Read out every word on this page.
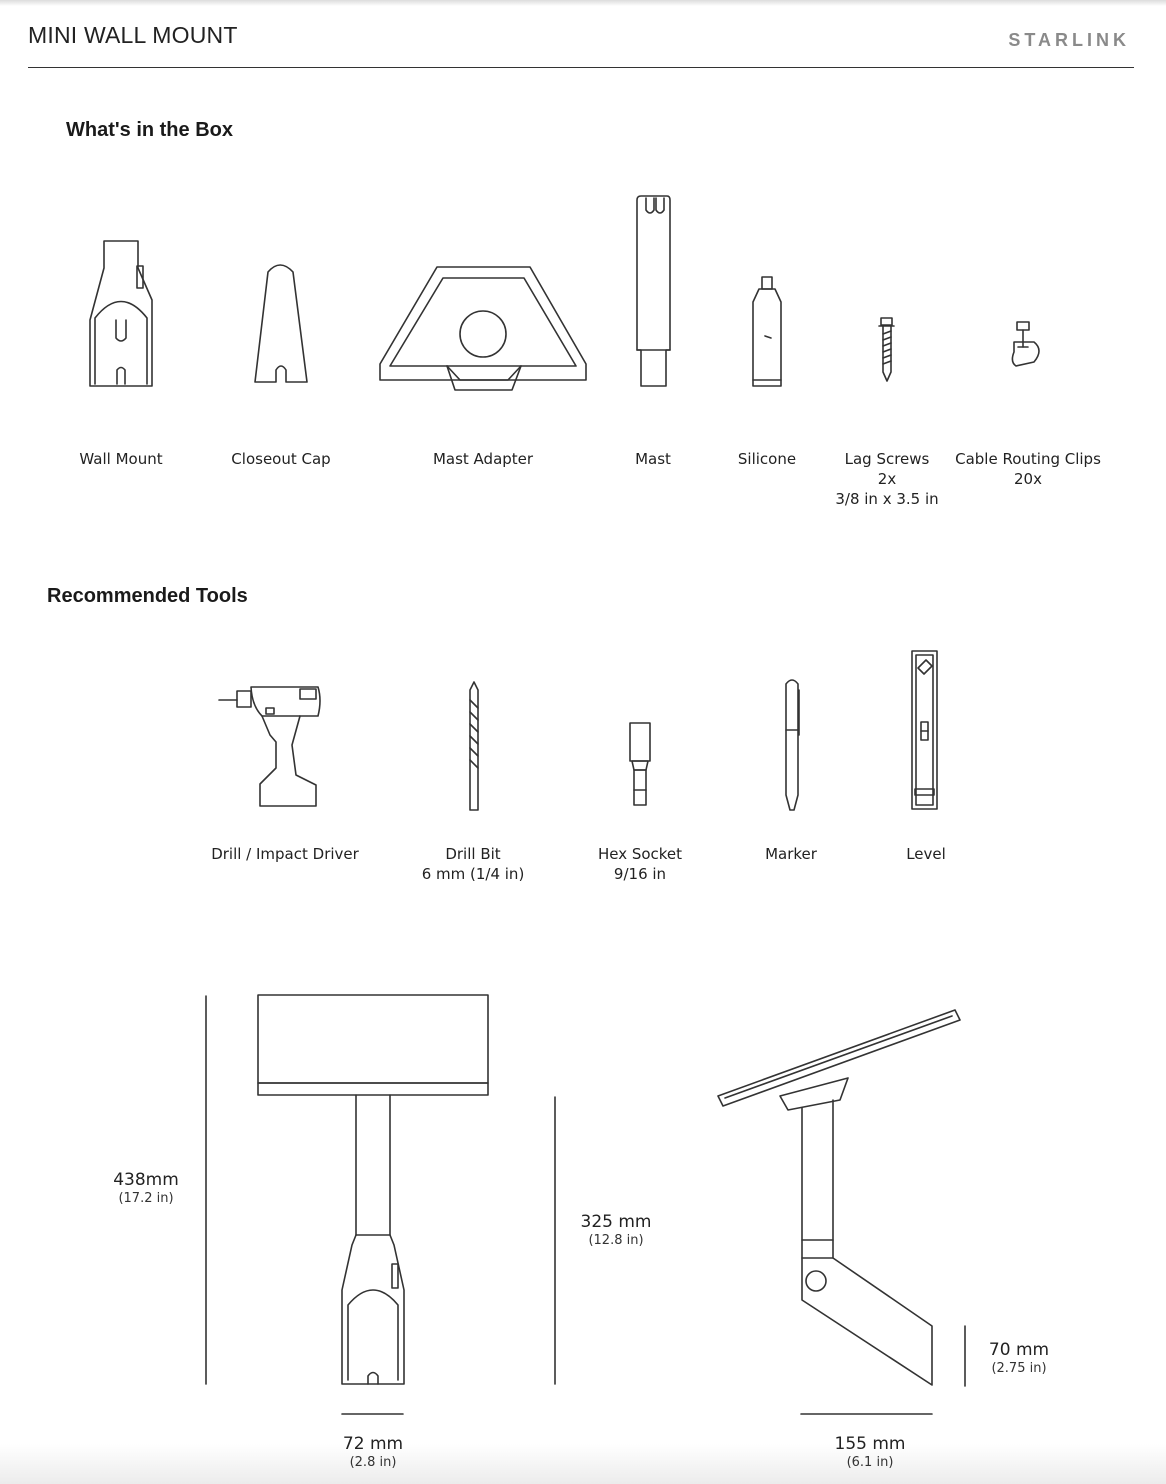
MINI WALL MOUNT	STARLINK
What's in the Box
Recommended Tools
Wall Mount	Closeout Cap	Mast Adapter	Mast	Silicone	Lag Screws
2x
3/8 in x 3.5 in
Cable Routing Clips
20x
Drill / Impact Driver	Drill Bit
6 mm (1/4 in)
Hex Socket
9/16 in
Marker	Level
438mm
(17.2 in)
325 mm
(12.8 in)
72 mm
(2.8 in)
155 mm
(6.1 in)
70 mm
(2.75 in)
